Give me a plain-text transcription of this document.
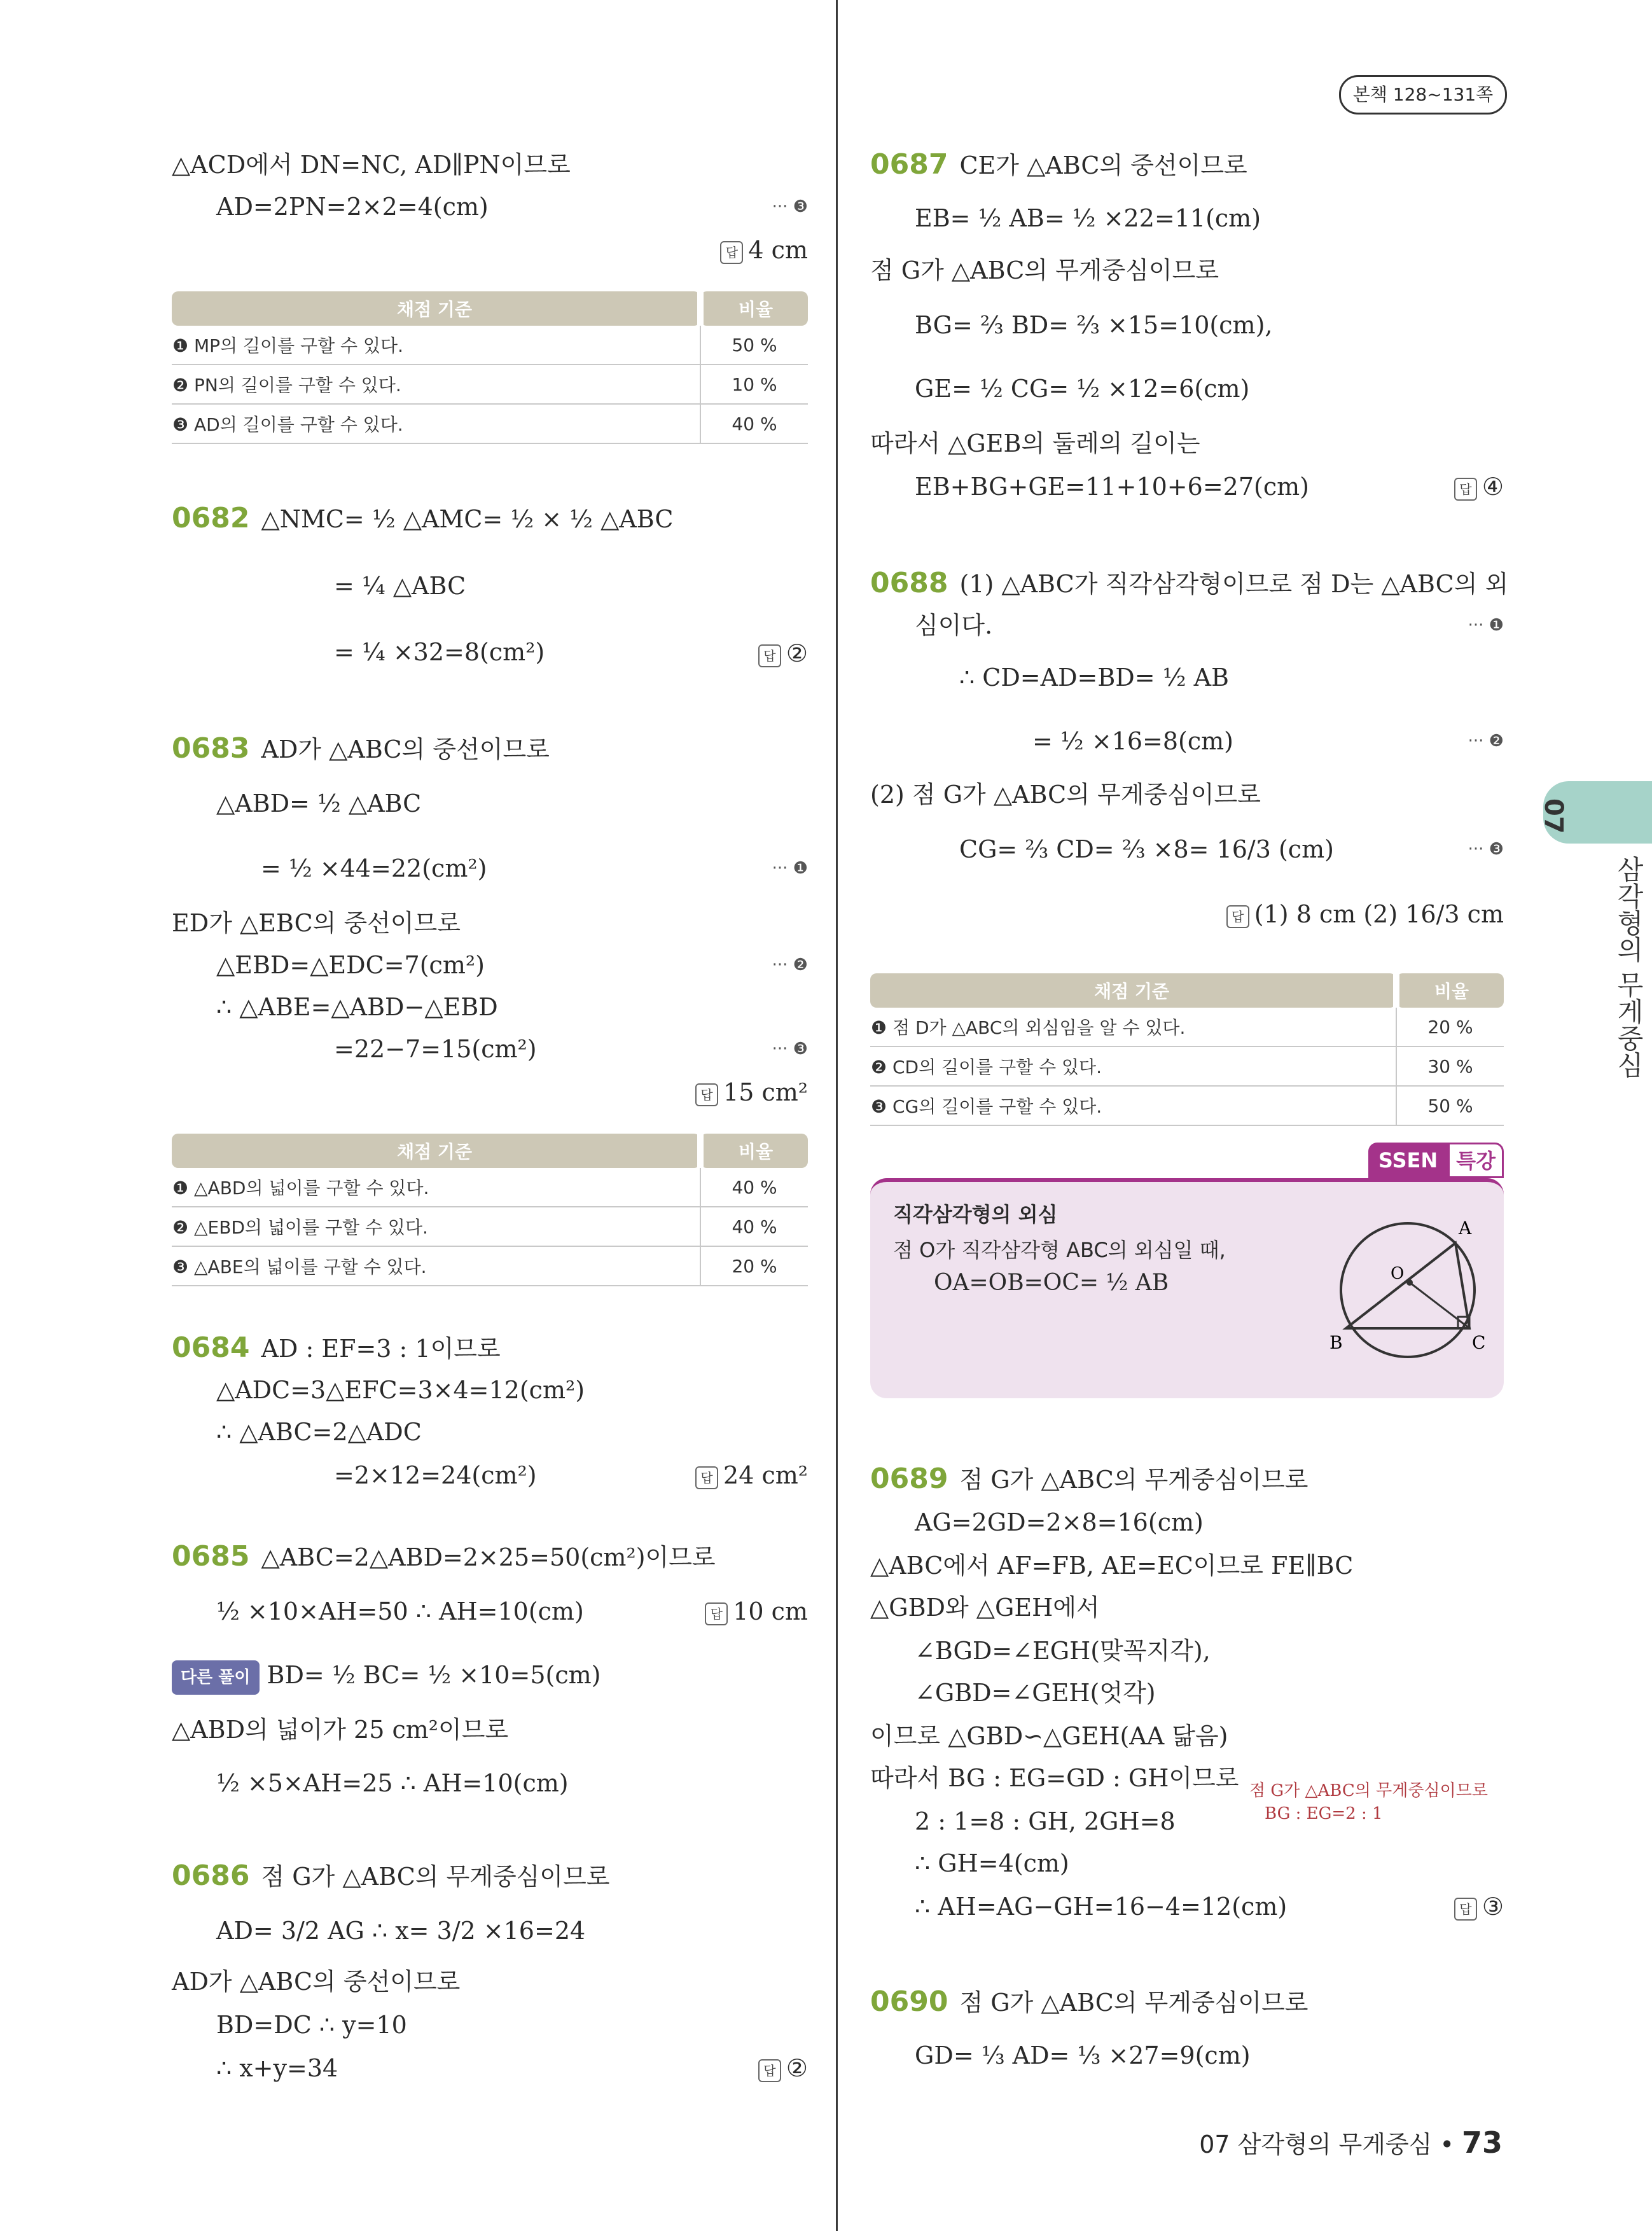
본책 128~131쪽
07
삼각형의 무게중심
△ACD에서 DN=NC, AD∥PN이므로
AD=2PN=2×2=4(cm)	··· ❸
답 4 cm
채점 기준	비율
❶ MP의 길이를 구할 수 있다.	50 %
❷ PN의 길이를 구할 수 있다.	10 %
❸ AD의 길이를 구할 수 있다.	40 %
0682 △NMC= ½ △AMC= ½ × ½ △ABC
= ¼ △ABC
= ¼ ×32=8(cm²)	답 ②
0683 AD가 △ABC의 중선이므로
△ABD= ½ △ABC
= ½ ×44=22(cm²)	··· ❶
ED가 △EBC의 중선이므로
△EBD=△EDC=7(cm²)	··· ❷
∴ △ABE=△ABD−△EBD
=22−7=15(cm²)	··· ❸
답 15 cm²
채점 기준	비율
❶ △ABD의 넓이를 구할 수 있다.	40 %
❷ △EBD의 넓이를 구할 수 있다.	40 %
❸ △ABE의 넓이를 구할 수 있다.	20 %
0684 AD : EF=3 : 1이므로
△ADC=3△EFC=3×4=12(cm²)
∴ △ABC=2△ADC
=2×12=24(cm²)	답 24 cm²
0685 △ABC=2△ABD=2×25=50(cm²)이므로
½ ×10×AH=50 ∴ AH=10(cm)	답 10 cm
다른 풀이 BD= ½ BC= ½ ×10=5(cm)
△ABD의 넓이가 25 cm²이므로
½ ×5×AH=25 ∴ AH=10(cm)
0686 점 G가 △ABC의 무게중심이므로
AD= 3/2 AG ∴ x= 3/2 ×16=24
AD가 △ABC의 중선이므로
BD=DC ∴ y=10
∴ x+y=34	답 ②
0687 CE가 △ABC의 중선이므로
EB= ½ AB= ½ ×22=11(cm)
점 G가 △ABC의 무게중심이므로
BG= ⅔ BD= ⅔ ×15=10(cm),
GE= ½ CG= ½ ×12=6(cm)
따라서 △GEB의 둘레의 길이는
EB+BG+GE=11+10+6=27(cm)	답 ④
0688 (1) △ABC가 직각삼각형이므로 점 D는 △ABC의 외
심이다.	··· ❶
∴ CD=AD=BD= ½ AB
= ½ ×16=8(cm)	··· ❷
(2) 점 G가 △ABC의 무게중심이므로
CG= ⅔ CD= ⅔ ×8= 16/3 (cm)	··· ❸
답 (1) 8 cm (2) 16/3 cm
채점 기준	비율
❶ 점 D가 △ABC의 외심임을 알 수 있다.	20 %
❷ CD의 길이를 구할 수 있다.	30 %
❸ CG의 길이를 구할 수 있다.	50 %
SSEN 특강
직각삼각형의 외심
점 O가 직각삼각형 ABC의 외심일 때,
OA=OB=OC= ½ AB
A
B	C
O
0689 점 G가 △ABC의 무게중심이므로
AG=2GD=2×8=16(cm)
△ABC에서 AF=FB, AE=EC이므로 FE∥BC
△GBD와 △GEH에서
∠BGD=∠EGH(맞꼭지각),
∠GBD=∠GEH(엇각)
이므로 △GBD∽△GEH(AA 닮음)
따라서 BG : EG=GD : GH이므로 점 G가 △ABC의 무게중심이므로
BG : EG=2 : 1
2 : 1=8 : GH, 2GH=8
∴ GH=4(cm)
∴ AH=AG−GH=16−4=12(cm)	답 ③
0690 점 G가 △ABC의 무게중심이므로
GD= ⅓ AD= ⅓ ×27=9(cm)
07 삼각형의 무게중심 • 73
